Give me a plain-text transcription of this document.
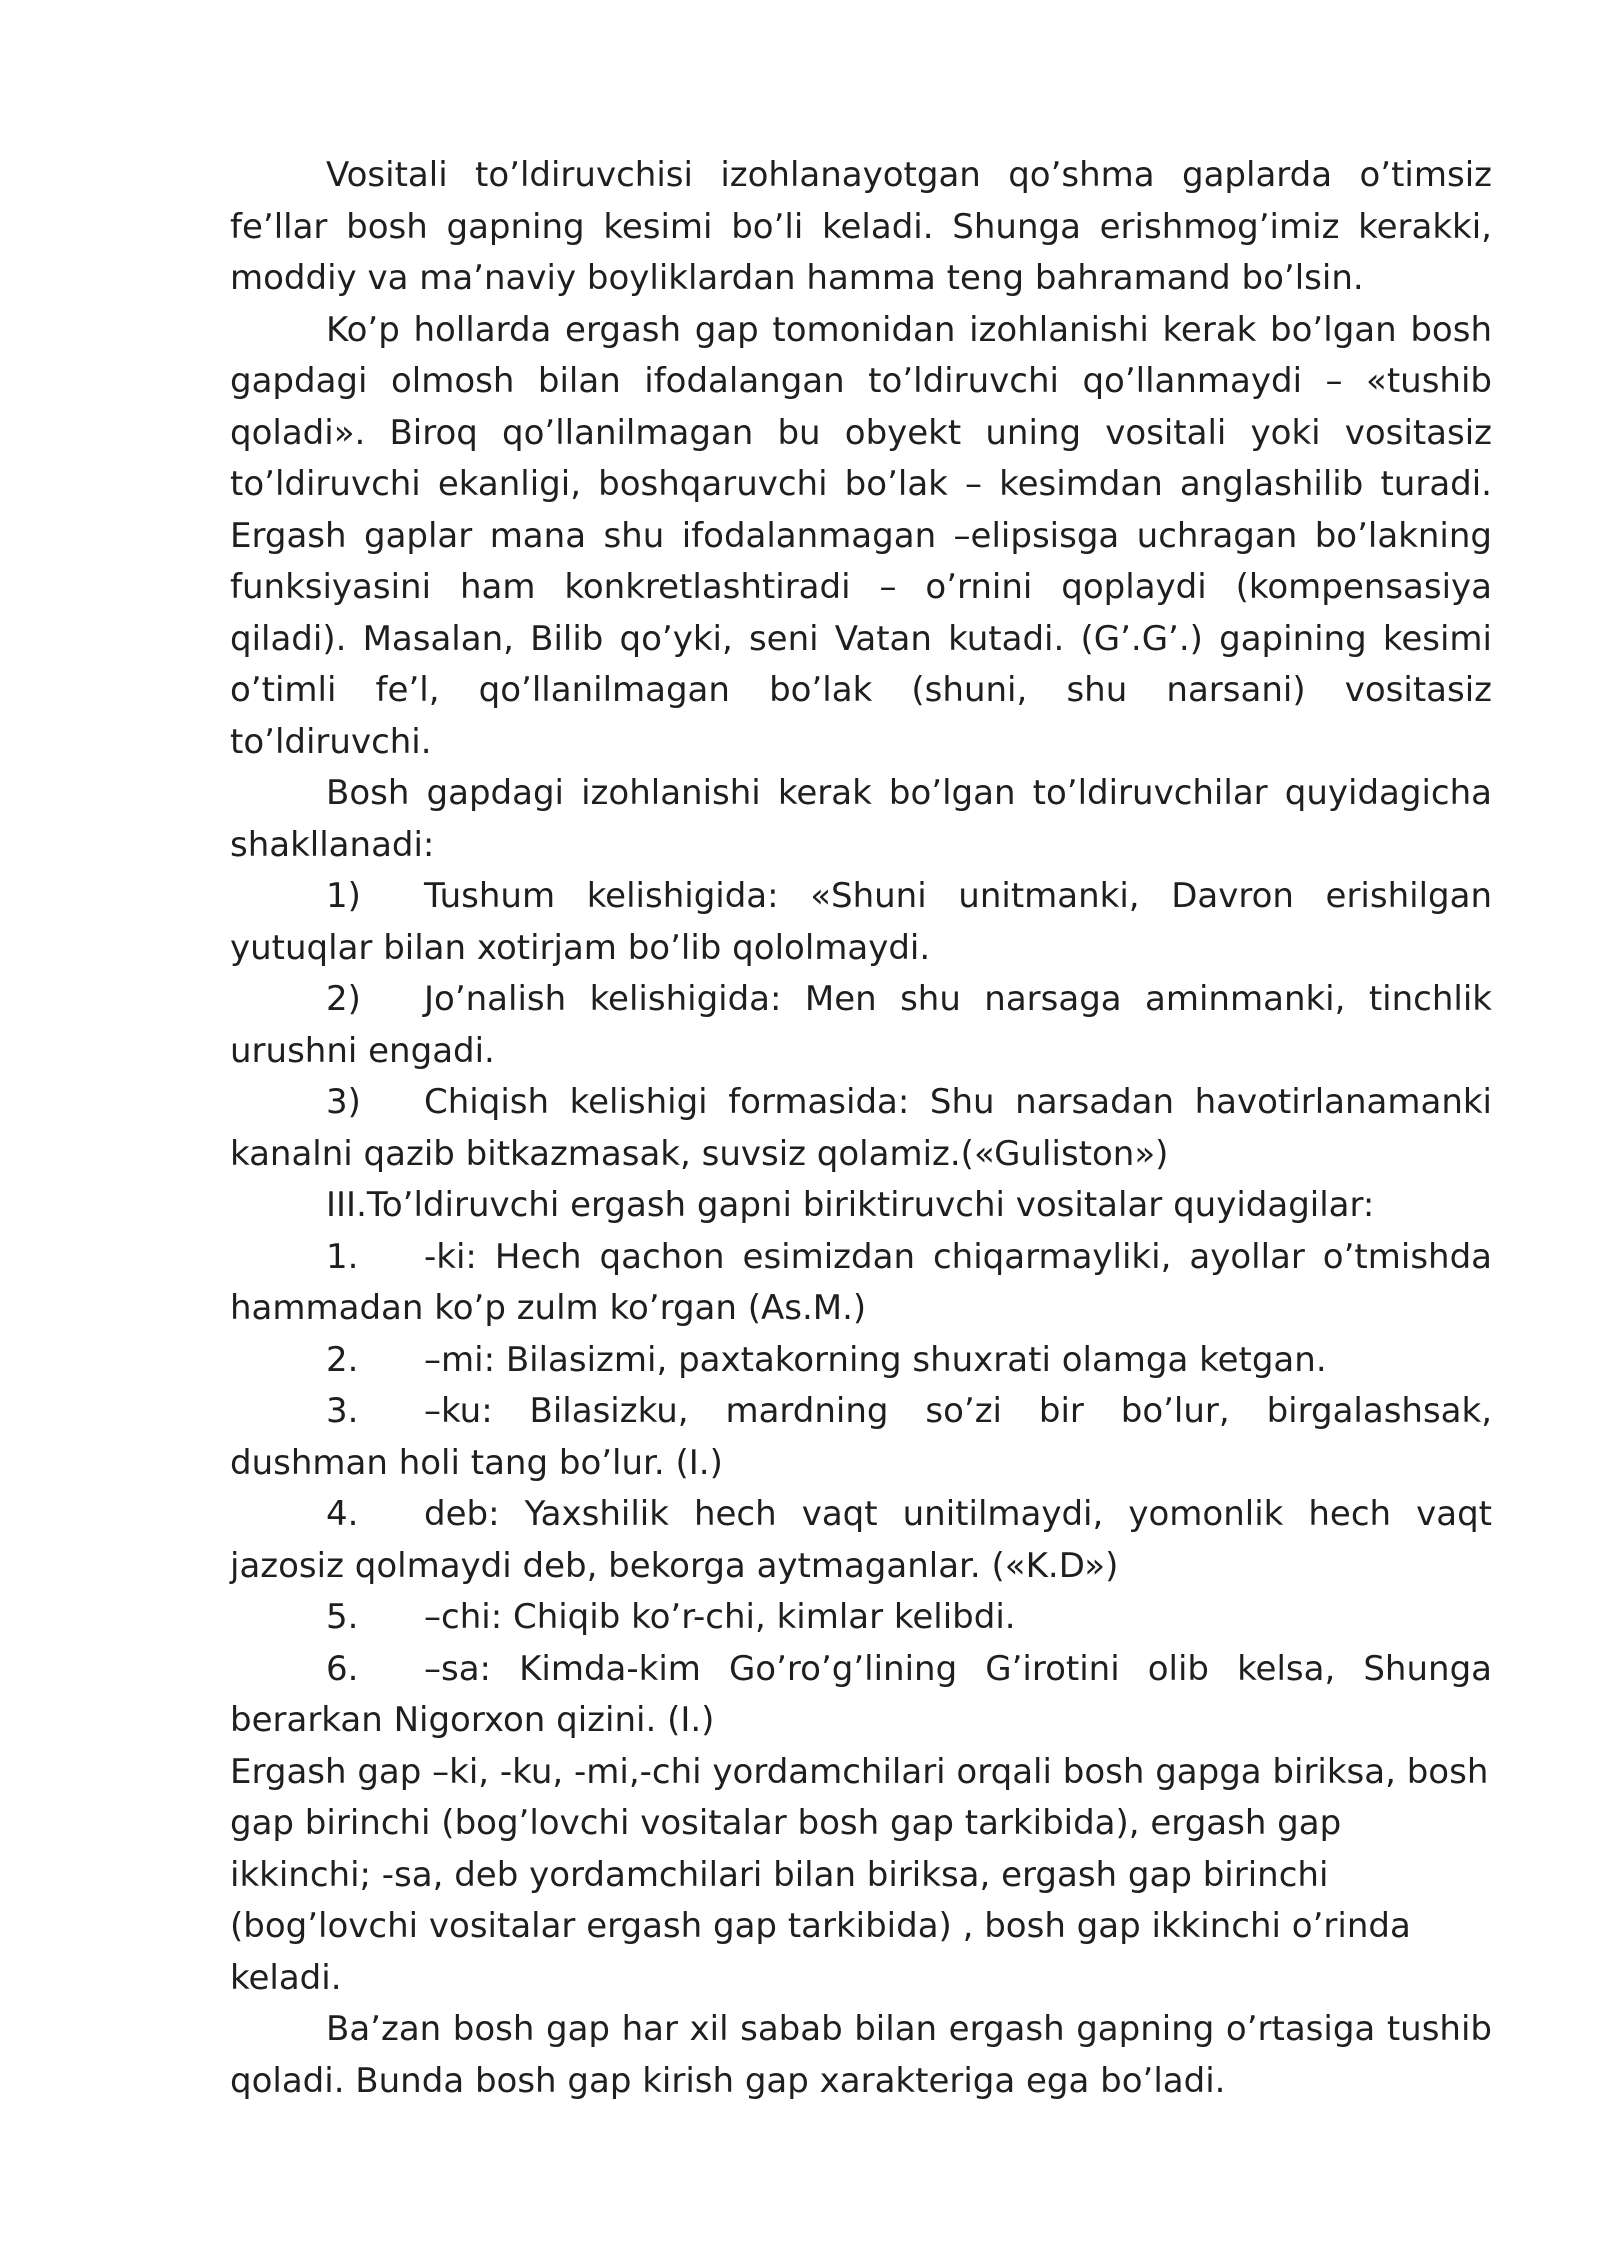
Vositali to’ldiruvchisi izohlanayotgan qo’shma gaplarda o’timsiz feʼllar bosh gapning kesimi bo’li keladi. Shunga erishmog’imiz kerakki, moddiy va maʼnaviy boyliklardan hamma teng bahramand bo’lsin.

Ko’p hollarda ergash gap tomonidan izohlanishi kerak bo’lgan bosh gapdagi olmosh bilan ifodalangan to’ldiruvchi qo’llanmaydi – «tushib qoladi». Biroq qo’llanilmagan bu obyekt uning vositali yoki vositasiz to’ldiruvchi ekanligi, boshqaruvchi bo’lak – kesimdan anglashilib turadi. Ergash gaplar mana shu ifodalanmagan –elipsisga uchragan bo’lakning funksiyasini ham konkretlashtiradi – o’rnini qoplaydi (kompensasiya qiladi). Masalan, Bilib qo’yki, seni Vatan kutadi. (G’.G’.) gapining kesimi o’timli feʼl, qo’llanilmagan bo’lak (shuni, shu narsani) vositasiz to’ldiruvchi.

Bosh gapdagi izohlanishi kerak bo’lgan to’ldiruvchilar quyidagicha shakllanadi:

1) Tushum kelishigida: «Shuni unitmanki, Davron erishilgan yutuqlar bilan xotirjam bo’lib qololmaydi.

2) Jo’nalish kelishigida: Men shu narsaga aminmanki, tinchlik urushni engadi.

3) Chiqish kelishigi formasida: Shu narsadan havotirlanamanki kanalni qazib bitkazmasak, suvsiz qolamiz.(«Guliston»)

III.To’ldiruvchi ergash gapni biriktiruvchi vositalar quyidagilar:

1. -ki: Hech qachon esimizdan chiqarmayliki, ayollar o’tmishda hammadan ko’p zulm ko’rgan (As.M.)

2. –mi: Bilasizmi, paxtakorning shuxrati olamga ketgan.

3. –ku: Bilasizku, mardning so’zi bir bo’lur, birgalashsak, dushman holi tang bo’lur. (I.)

4. deb: Yaxshilik hech vaqt unitilmaydi, yomonlik hech vaqt jazosiz qolmaydi deb, bekorga aytmaganlar. («K.D»)

5. –chi: Chiqib ko’r-chi, kimlar kelibdi.

6. –sa: Kimda-kim Go’ro’g’lining G’irotini olib kelsa, Shunga berarkan Nigorxon qizini. (I.)

Ergash gap –ki, -ku, -mi,-chi yordamchilari orqali bosh gapga biriksa, bosh gap birinchi (bog’lovchi vositalar bosh gap tarkibida), ergash gap ikkinchi; -sa, deb yordamchilari bilan biriksa, ergash gap birinchi (bog’lovchi vositalar ergash gap tarkibida) , bosh gap ikkinchi o’rinda keladi.

Baʼzan bosh gap har xil sabab bilan ergash gapning o’rtasiga tushib qoladi. Bunda bosh gap kirish gap xarakteriga ega bo’ladi.
